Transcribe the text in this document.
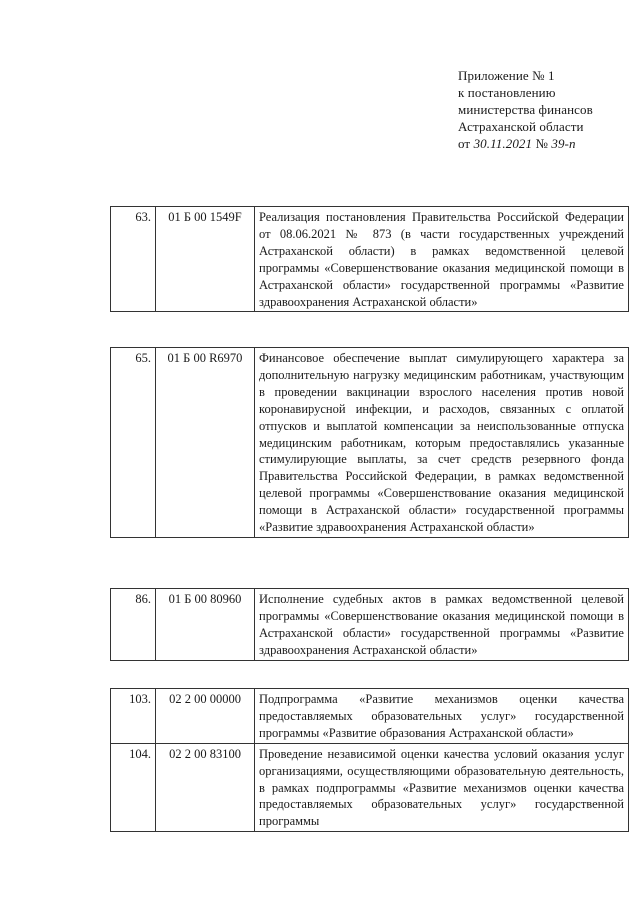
Приложение № 1
к постановлению
министерства финансов
Астраханской области
от 30.11.2021 № 39-п
63.	01 Б 00 1549F	Реализация постановления Правительства Российской Федерации от 08.06.2021 № 873 (в части государственных учреждений Астраханской области) в рамках ведомственной целевой программы «Совершенствование оказания медицинской помощи в Астраханской области» государственной программы «Развитие здравоохранения Астраханской области»
65.	01 Б 00 R6970	Финансовое обеспечение выплат симулирующего характера за дополнительную нагрузку медицинским работникам, участвующим в проведении вакцинации взрослого населения против новой коронавирусной инфекции, и расходов, связанных с оплатой отпусков и выплатой компенсации за неиспользованные отпуска медицинским работникам, которым предоставлялись указанные стимулирующие выплаты, за счет средств резервного фонда Правительства Российской Федерации, в рамках ведомственной целевой программы «Совершенствование оказания медицинской помощи в Астраханской области» государственной программы «Развитие здравоохранения Астраханской области»
86.	01 Б 00 80960	Исполнение судебных актов в рамках ведомственной целевой программы «Совершенствование оказания медицинской помощи в Астраханской области» государственной программы «Развитие здравоохранения Астраханской области»
103.	02 2 00 00000	Подпрограмма «Развитие механизмов оценки качества предоставляемых образовательных услуг» государственной программы «Развитие образования Астраханской области»
104.	02 2 00 83100	Проведение независимой оценки качества условий оказания услуг организациями, осуществляющими образовательную деятельность, в рамках подпрограммы «Развитие механизмов оценки качества предоставляемых образовательных услуг» государственной программы
